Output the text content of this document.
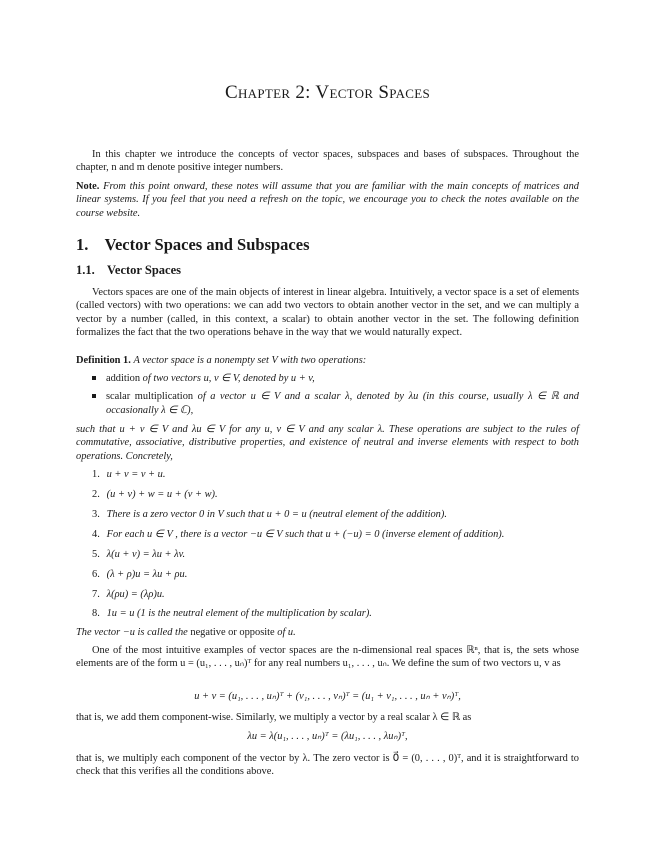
Chapter 2: Vector Spaces
In this chapter we introduce the concepts of vector spaces, subspaces and bases of subspaces. Throughout the chapter, n and m denote positive integer numbers.
Note. From this point onward, these notes will assume that you are familiar with the main concepts of matrices and linear systems. If you feel that you need a refresh on the topic, we encourage you to check the notes available on the course website.
1. Vector Spaces and Subspaces
1.1. Vector Spaces
Vectors spaces are one of the main objects of interest in linear algebra. Intuitively, a vector space is a set of elements (called vectors) with two operations: we can add two vectors to obtain another vector in the set, and we can multiply a vector by a number (called, in this context, a scalar) to obtain another vector in the set. The following definition formalizes the fact that the two operations behave in the way that we would naturally expect.
Definition 1. A vector space is a nonempty set V with two operations:
addition of two vectors u, v ∈ V, denoted by u + v,
scalar multiplication of a vector u ∈ V and a scalar λ, denoted by λu (in this course, usually λ ∈ ℝ and occasionally λ ∈ ℂ),
such that u + v ∈ V and λu ∈ V for any u, v ∈ V and any scalar λ. These operations are subject to the rules of commutative, associative, distributive properties, and existence of neutral and inverse elements with respect to both operations. Concretely,
1. u + v = v + u.
2. (u + v) + w = u + (v + w).
3. There is a zero vector 0 in V such that u + 0 = u (neutral element of the addition).
4. For each u ∈ V , there is a vector −u ∈ V such that u + (−u) = 0 (inverse element of addition).
5. λ(u + v) = λu + λv.
6. (λ + ρ)u = λu + ρu.
7. λ(ρu) = (λρ)u.
8. 1u = u (1 is the neutral element of the multiplication by scalar).
The vector −u is called the negative or opposite of u.
One of the most intuitive examples of vector spaces are the n-dimensional real spaces ℝⁿ, that is, the sets whose elements are of the form u = (u₁, . . . , uₙ)ᵀ for any real numbers u₁, . . . , uₙ. We define the sum of two vectors u, v as
u + v = (u₁, . . . , uₙ)ᵀ + (v₁, . . . , vₙ)ᵀ = (u₁ + v₁, . . . , uₙ + vₙ)ᵀ,
that is, we add them component-wise. Similarly, we multiply a vector by a real scalar λ ∈ ℝ as
λu = λ(u₁, . . . , uₙ)ᵀ = (λu₁, . . . , λuₙ)ᵀ,
that is, we multiply each component of the vector by λ. The zero vector is 0⃗ = (0, . . . , 0)ᵀ, and it is straightforward to check that this verifies all the conditions above.
